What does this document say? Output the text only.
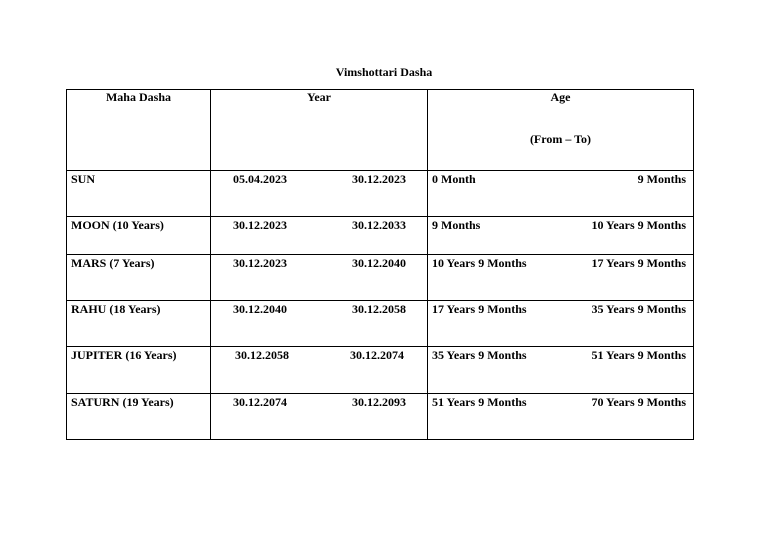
Vimshottari Dasha
Maha Dasha	Year	Age
(From – To)

SUN	05.04.2023 30.12.2023	0 Month 9 Months

MOON (10 Years)	30.12.2023 30.12.2033	9 Months 10 Years 9 Months

MARS (7 Years)	30.12.2023 30.12.2040	10 Years 9 Months 17 Years 9 Months

RAHU (18 Years)	30.12.2040 30.12.2058	17 Years 9 Months 35 Years 9 Months

JUPITER (16 Years)	30.12.2058 30.12.2074	35 Years 9 Months 51 Years 9 Months

SATURN (19 Years)	30.12.2074 30.12.2093	51 Years 9 Months 70 Years 9 Months
